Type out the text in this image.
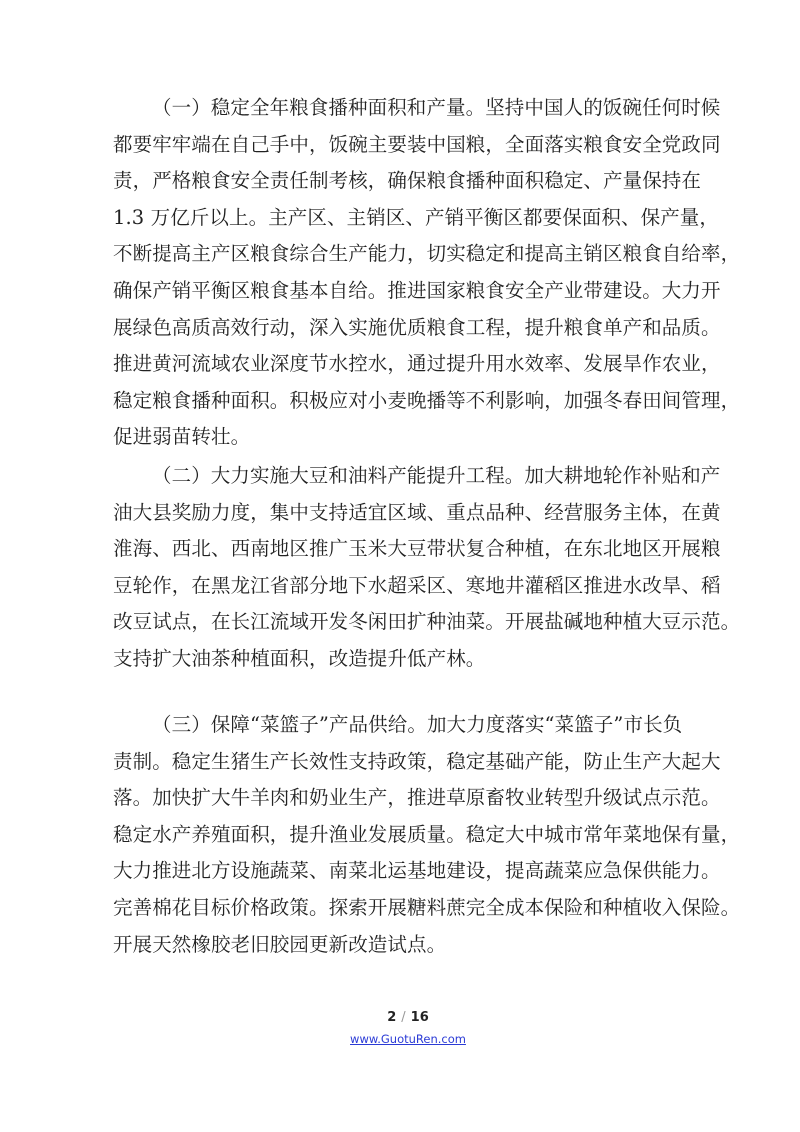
（一）稳定全年粮食播种面积和产量。坚持中国人的饭碗任何时候
都要牢牢端在自己手中，饭碗主要装中国粮，全面落实粮食安全党政同
责，严格粮食安全责任制考核，确保粮食播种面积稳定、产量保持在
1.3 万亿斤以上。主产区、主销区、产销平衡区都要保面积、保产量，
不断提高主产区粮食综合生产能力，切实稳定和提高主销区粮食自给率，
确保产销平衡区粮食基本自给。推进国家粮食安全产业带建设。大力开
展绿色高质高效行动，深入实施优质粮食工程，提升粮食单产和品质。
推进黄河流域农业深度节水控水，通过提升用水效率、发展旱作农业，
稳定粮食播种面积。积极应对小麦晚播等不利影响，加强冬春田间管理，
促进弱苗转壮。
（二）大力实施大豆和油料产能提升工程。加大耕地轮作补贴和产
油大县奖励力度，集中支持适宜区域、重点品种、经营服务主体，在黄
淮海、西北、西南地区推广玉米大豆带状复合种植，在东北地区开展粮
豆轮作，在黑龙江省部分地下水超采区、寒地井灌稻区推进水改旱、稻
改豆试点，在长江流域开发冬闲田扩种油菜。开展盐碱地种植大豆示范。
支持扩大油茶种植面积，改造提升低产林。
（三）保障“菜篮子”产品供给。加大力度落实“菜篮子”市长负
责制。稳定生猪生产长效性支持政策，稳定基础产能，防止生产大起大
落。加快扩大牛羊肉和奶业生产，推进草原畜牧业转型升级试点示范。
稳定水产养殖面积，提升渔业发展质量。稳定大中城市常年菜地保有量，
大力推进北方设施蔬菜、南菜北运基地建设，提高蔬菜应急保供能力。
完善棉花目标价格政策。探索开展糖料蔗完全成本保险和种植收入保险。
开展天然橡胶老旧胶园更新改造试点。
2 / 16
www.GuotuRen.com
